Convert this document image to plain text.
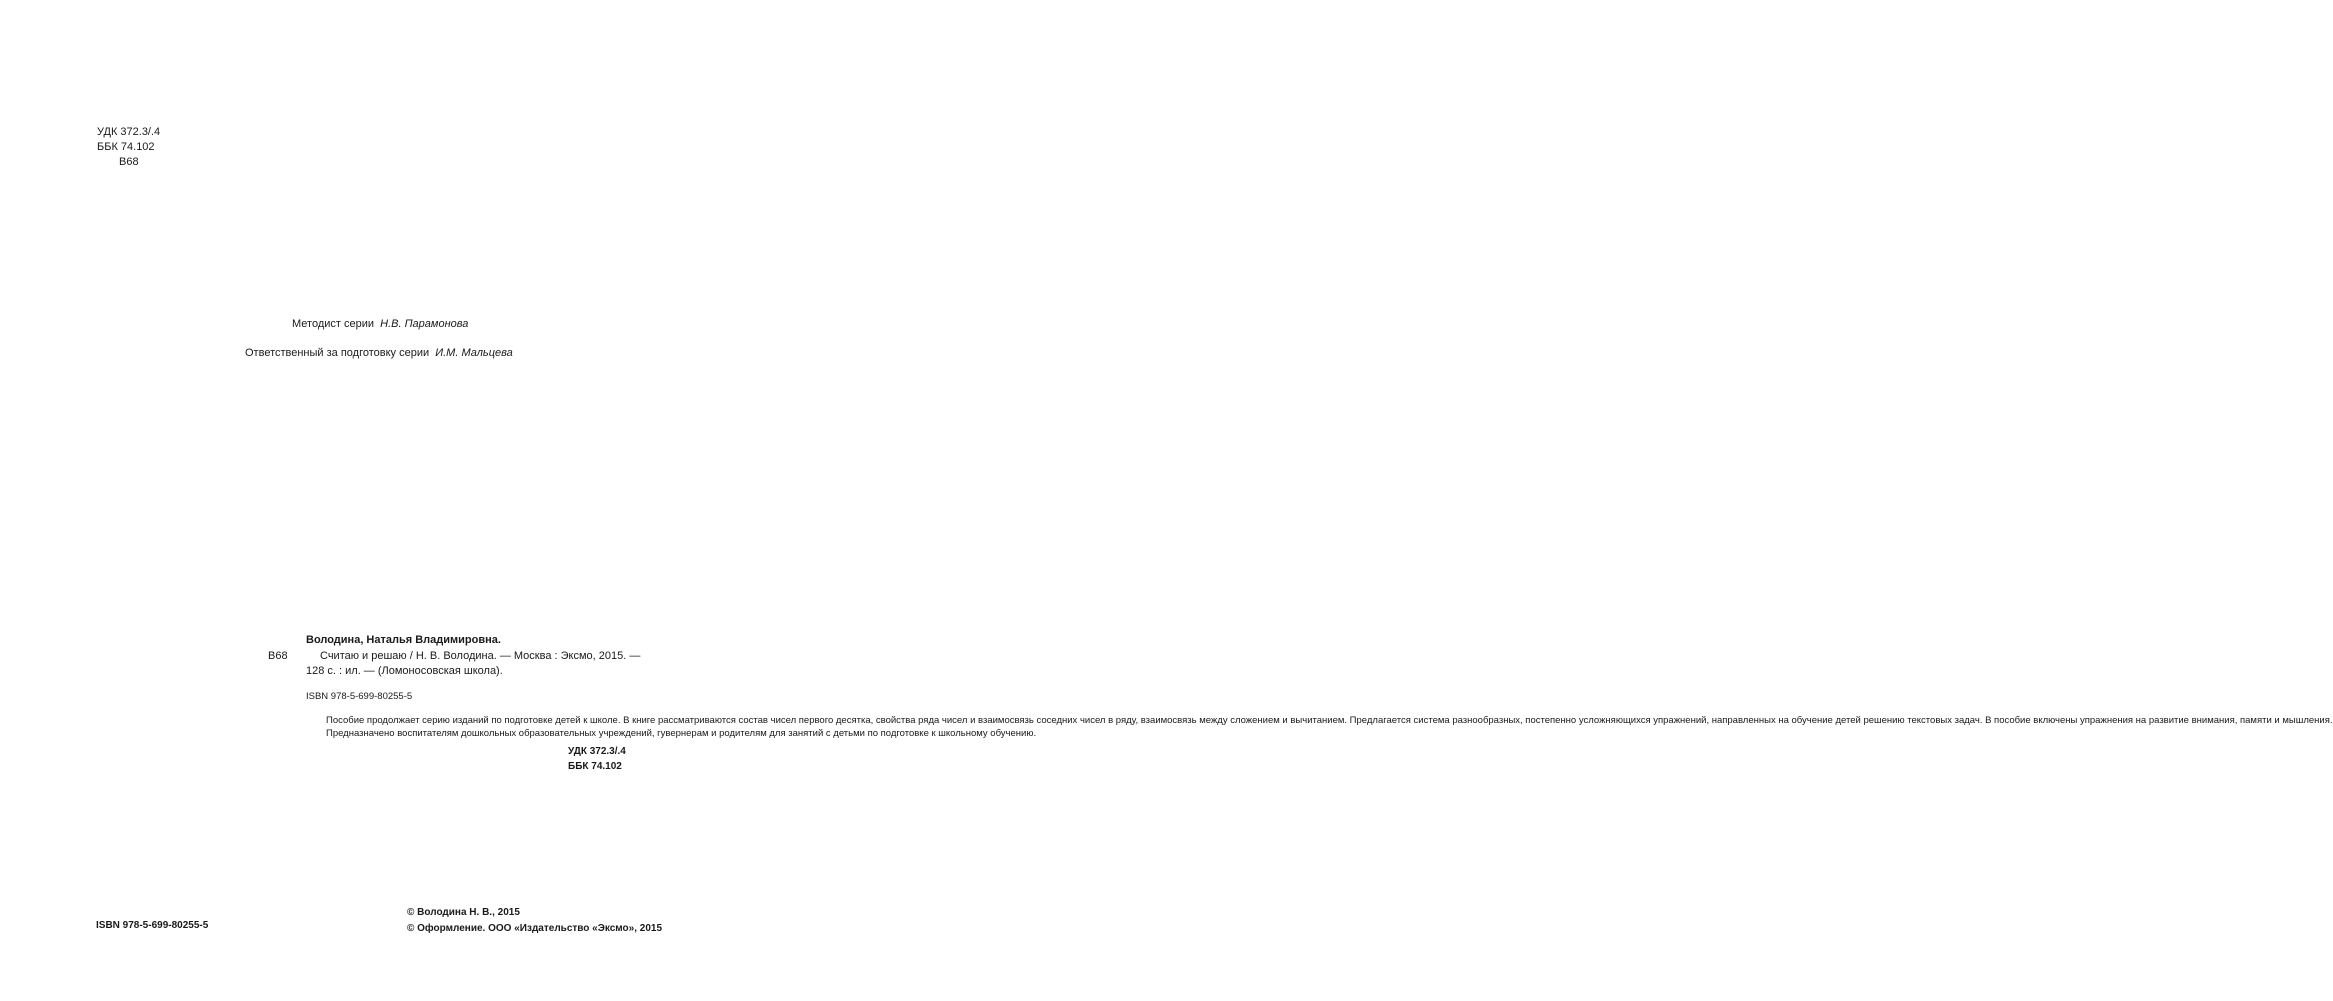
УДК 372.3/.4
ББК 74.102
В68
Методист серии Н.В. Парамонова
Ответственный за подготовку серии И.М. Мальцева
Володина, Наталья Владимировна.
В68	Считаю и решаю / Н. В. Володина. — Москва : Эксмо, 2015. —
128 с. : ил. — (Ломоносовская школа).
ISBN 978-5-699-80255-5

Пособие продолжает серию изданий по подготовке детей к школе. В книге рассматриваются состав чисел первого десятка, свойства ряда чисел и взаимосвязь соседних чисел в ряду, взаимосвязь между сложением и вычитанием. Предлагается система разнообразных, постепенно усложняющихся упражнений, направленных на обучение детей решению текстовых задач. В пособие включены упражнения на развитие внимания, памяти и мышления.

Предназначено воспитателям дошкольных образовательных учреждений, гувернерам и родителям для занятий с детьми по подготовке к школьному обучению.

УДК 372.3/.4
ББК 74.102
ISBN 978-5-699-80255-5
© Володина Н. В., 2015
© Оформление. ООО «Издательство «Эксмо», 2015
